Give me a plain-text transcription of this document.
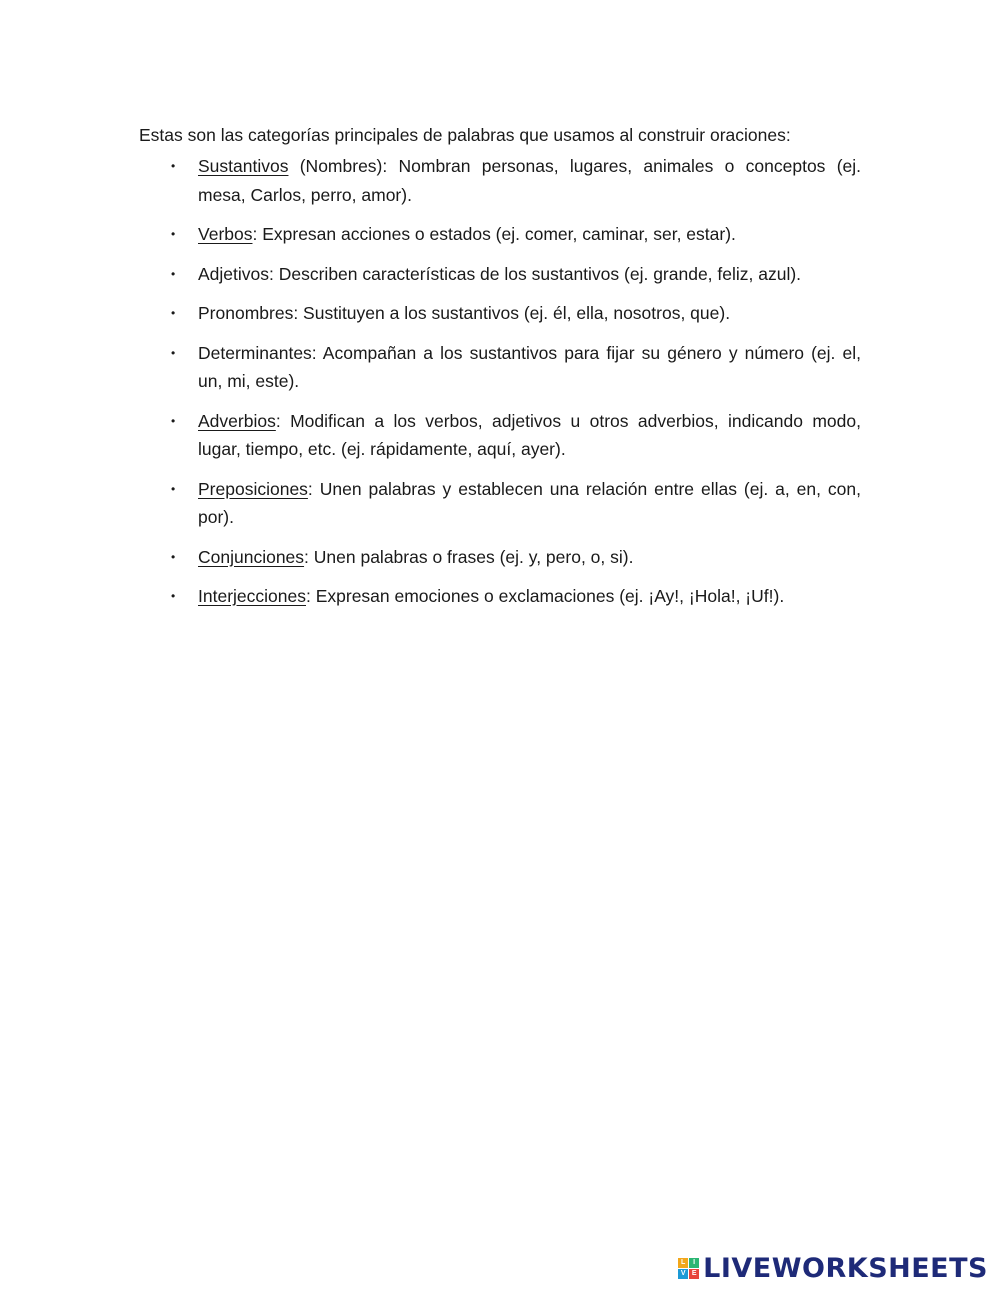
Estas son las categorías principales de palabras que usamos al construir oraciones:
• Sustantivos (Nombres): Nombran personas, lugares, animales o conceptos (ej. mesa, Carlos, perro, amor).
• Verbos: Expresan acciones o estados (ej. comer, caminar, ser, estar).
• Adjetivos: Describen características de los sustantivos (ej. grande, feliz, azul).
• Pronombres: Sustituyen a los sustantivos (ej. él, ella, nosotros, que).
• Determinantes: Acompañan a los sustantivos para fijar su género y número (ej. el, un, mi, este).
• Adverbios: Modifican a los verbos, adjetivos u otros adverbios, indicando modo, lugar, tiempo, etc. (ej. rápidamente, aquí, ayer).
• Preposiciones: Unen palabras y establecen una relación entre ellas (ej. a, en, con, por).
• Conjunciones: Unen palabras o frases (ej. y, pero, o, si).
• Interjecciones: Expresan emociones o exclamaciones (ej. ¡Ay!, ¡Hola!, ¡Uf!).
L	I
V E LIVEWORKSHEETS
